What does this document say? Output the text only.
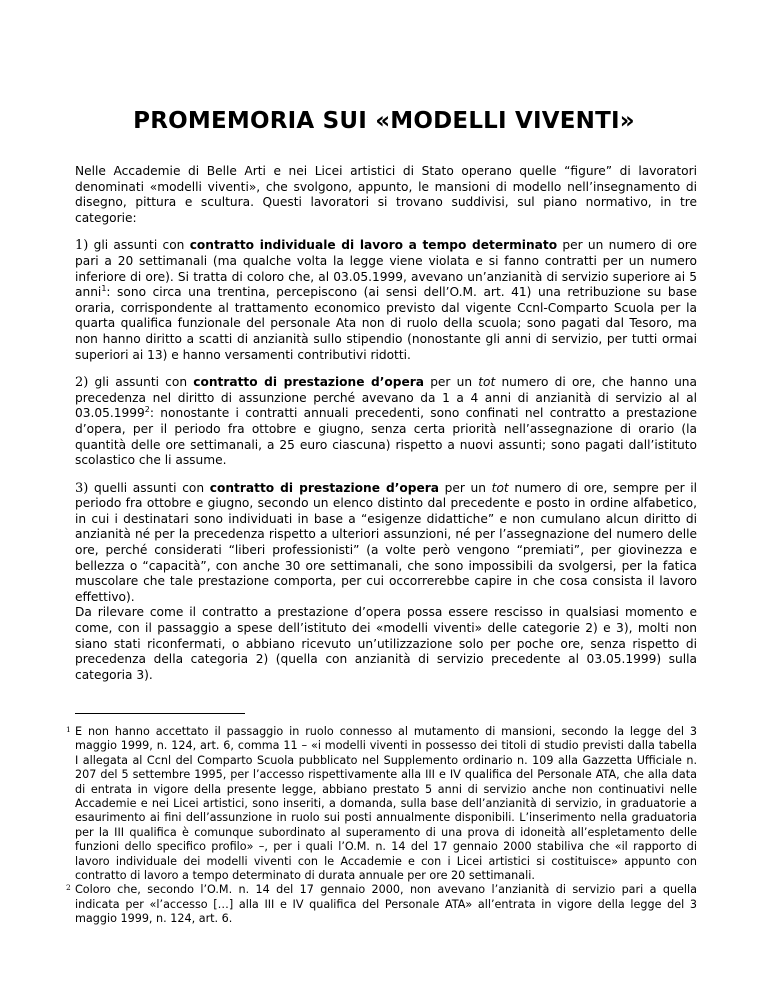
PROMEMORIA SUI «MODELLI VIVENTI»

Nelle Accademie di Belle Arti e nei Licei artistici di Stato operano quelle “figure” di lavoratori denominati «modelli viventi», che svolgono, appunto, le mansioni di modello nell’insegnamento di disegno, pittura e scultura. Questi lavoratori si trovano suddivisi, sul piano normativo, in tre categorie:

1) gli assunti con contratto individuale di lavoro a tempo determinato per un numero di ore pari a 20 settimanali (ma qualche volta la legge viene violata e si fanno contratti per un numero inferiore di ore). Si tratta di coloro che, al 03.05.1999, avevano un’anzianità di servizio superiore ai 5 anni$^1$: sono circa una trentina, percepiscono (ai sensi dell’O.M. art. 41) una retribuzione su base oraria, corrispondente al trattamento economico previsto dal vigente Ccnl-Comparto Scuola per la quarta qualifica funzionale del personale Ata non di ruolo della scuola; sono pagati dal Tesoro, ma non hanno diritto a scatti di anzianità sullo stipendio (nonostante gli anni di servizio, per tutti ormai superiori ai 13) e hanno versamenti contributivi ridotti.

2) gli assunti con contratto di prestazione d’opera per un tot numero di ore, che hanno una precedenza nel diritto di assunzione perché avevano da 1 a 4 anni di anzianità di servizio al al 03.05.1999$^2$: nonostante i contratti annuali precedenti, sono confinati nel contratto a prestazione d’opera, per il periodo fra ottobre e giugno, senza certa priorità nell’assegnazione di orario (la quantità delle ore settimanali, a 25 euro ciascuna) rispetto a nuovi assunti; sono pagati dall’istituto scolastico che li assume.

3) quelli assunti con contratto di prestazione d’opera per un tot numero di ore, sempre per il periodo fra ottobre e giugno, secondo un elenco distinto dal precedente e posto in ordine alfabetico, in cui i destinatari sono individuati in base a “esigenze didattiche” e non cumulano alcun diritto di anzianità né per la precedenza rispetto a ulteriori assunzioni, né per l’assegnazione del numero delle ore, perché considerati “liberi professionisti” (a volte però vengono “premiati”, per giovinezza e bellezza o “capacità”, con anche 30 ore settimanali, che sono impossibili da svolgersi, per la fatica muscolare che tale prestazione comporta, per cui occorrerebbe capire in che cosa consista il lavoro effettivo).

Da rilevare come il contratto a prestazione d’opera possa essere rescisso in qualsiasi momento e come, con il passaggio a spese dell’istituto dei «modelli viventi» delle categorie 2) e 3), molti non siano stati riconfermati, o abbiano ricevuto un’utilizzazione solo per poche ore, senza rispetto di precedenza della categoria 2) (quella con anzianità di servizio precedente al 03.05.1999) sulla categoria 3).

1 E non hanno accettato il passaggio in ruolo connesso al mutamento di mansioni, secondo la legge del 3 maggio 1999, n. 124, art. 6, comma 11 – «i modelli viventi in possesso dei titoli di studio previsti dalla tabella I allegata al Ccnl del Comparto Scuola pubblicato nel Supplemento ordinario n. 109 alla Gazzetta Ufficiale n. 207 del 5 settembre 1995, per l’accesso rispettivamente alla III e IV qualifica del Personale ATA, che alla data di entrata in vigore della presente legge, abbiano prestato 5 anni di servizio anche non continuativi nelle Accademie e nei Licei artistici, sono inseriti, a domanda, sulla base dell’anzianità di servizio, in graduatorie a esaurimento ai fini dell’assunzione in ruolo sui posti annualmente disponibili. L’inserimento nella graduatoria per la III qualifica è comunque subordinato al superamento di una prova di idoneità all’espletamento delle funzioni dello specifico profilo» –, per i quali l’O.M. n. 14 del 17 gennaio 2000 stabiliva che «il rapporto di lavoro individuale dei modelli viventi con le Accademie e con i Licei artistici si costituisce» appunto con contratto di lavoro a tempo determinato di durata annuale per ore 20 settimanali.

2 Coloro che, secondo l’O.M. n. 14 del 17 gennaio 2000, non avevano l’anzianità di servizio pari a quella indicata per «l’accesso […] alla III e IV qualifica del Personale ATA» all’entrata in vigore della legge del 3 maggio 1999, n. 124, art. 6.
